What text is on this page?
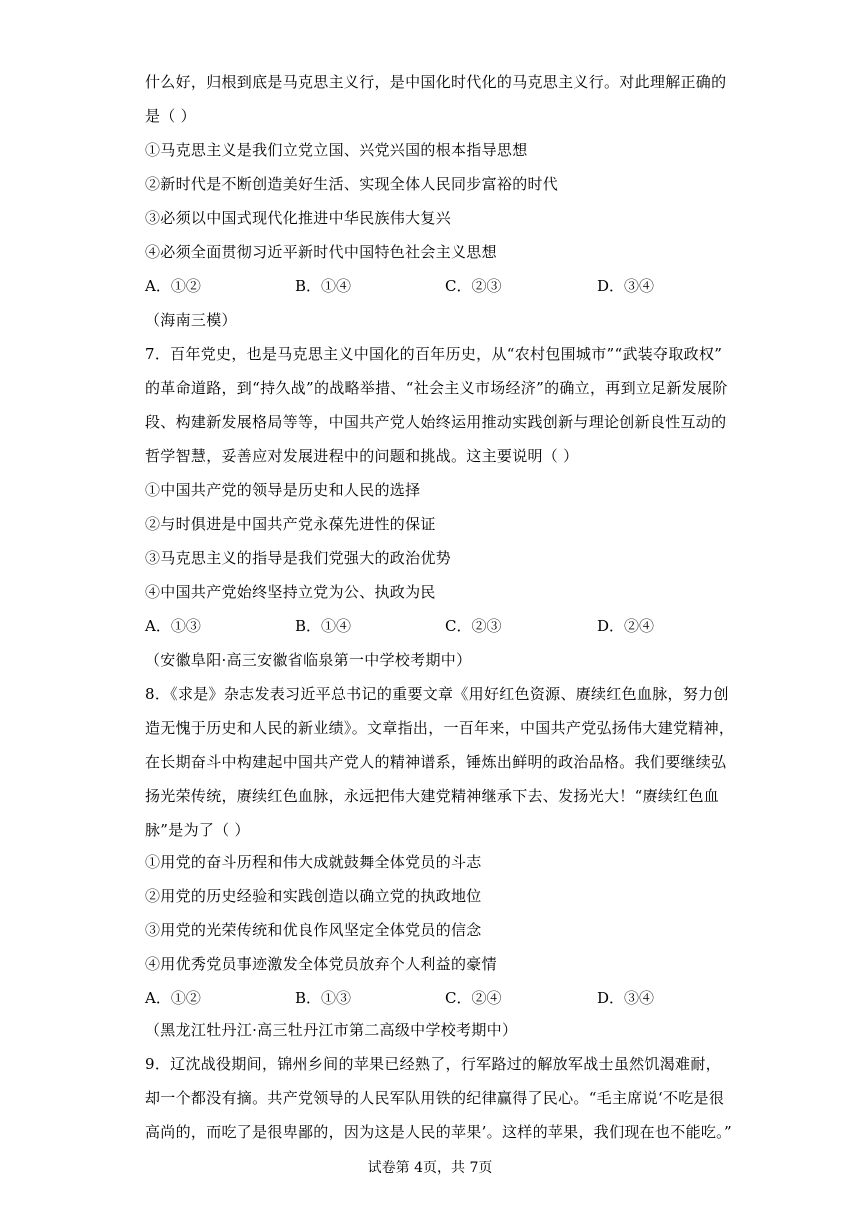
什么好，归根到底是马克思主义行，是中国化时代化的马克思主义行。对此理解正确的
是（ ）
①马克思主义是我们立党立国、兴党兴国的根本指导思想
②新时代是不断创造美好生活、实现全体人民同步富裕的时代
③必须以中国式现代化推进中华民族伟大复兴
④必须全面贯彻习近平新时代中国特色社会主义思想
A．①②	B．①④	C．②③	D．③④
（海南三模）
7．百年党史，也是马克思主义中国化的百年历史，从“农村包围城市”“武装夺取政权”
的革命道路，到“持久战”的战略举措、“社会主义市场经济”的确立，再到立足新发展阶
段、构建新发展格局等等，中国共产党人始终运用推动实践创新与理论创新良性互动的
哲学智慧，妥善应对发展进程中的问题和挑战。这主要说明（ ）
①中国共产党的领导是历史和人民的选择
②与时俱进是中国共产党永葆先进性的保证
③马克思主义的指导是我们党强大的政治优势
④中国共产党始终坚持立党为公、执政为民
A．①③	B．①④	C．②③	D．②④
（安徽阜阳·高三安徽省临泉第一中学校考期中）
8．《求是》杂志发表习近平总书记的重要文章《用好红色资源、赓续红色血脉，努力创
造无愧于历史和人民的新业绩》。文章指出，一百年来，中国共产党弘扬伟大建党精神，
在长期奋斗中构建起中国共产党人的精神谱系，锤炼出鲜明的政治品格。我们要继续弘
扬光荣传统，赓续红色血脉，永远把伟大建党精神继承下去、发扬光大！“赓续红色血
脉”是为了（ ）
①用党的奋斗历程和伟大成就鼓舞全体党员的斗志
②用党的历史经验和实践创造以确立党的执政地位
③用党的光荣传统和优良作风坚定全体党员的信念
④用优秀党员事迹激发全体党员放弃个人利益的豪情
A．①②	B．①③	C．②④	D．③④
（黑龙江牡丹江·高三牡丹江市第二高级中学校考期中）
9．辽沈战役期间，锦州乡间的苹果已经熟了，行军路过的解放军战士虽然饥渴难耐，
却一个都没有摘。共产党领导的人民军队用铁的纪律赢得了民心。“毛主席说‘不吃是很
高尚的，而吃了是很卑鄙的，因为这是人民的苹果’。这样的苹果，我们现在也不能吃。”
试卷第 4页，共 7页
